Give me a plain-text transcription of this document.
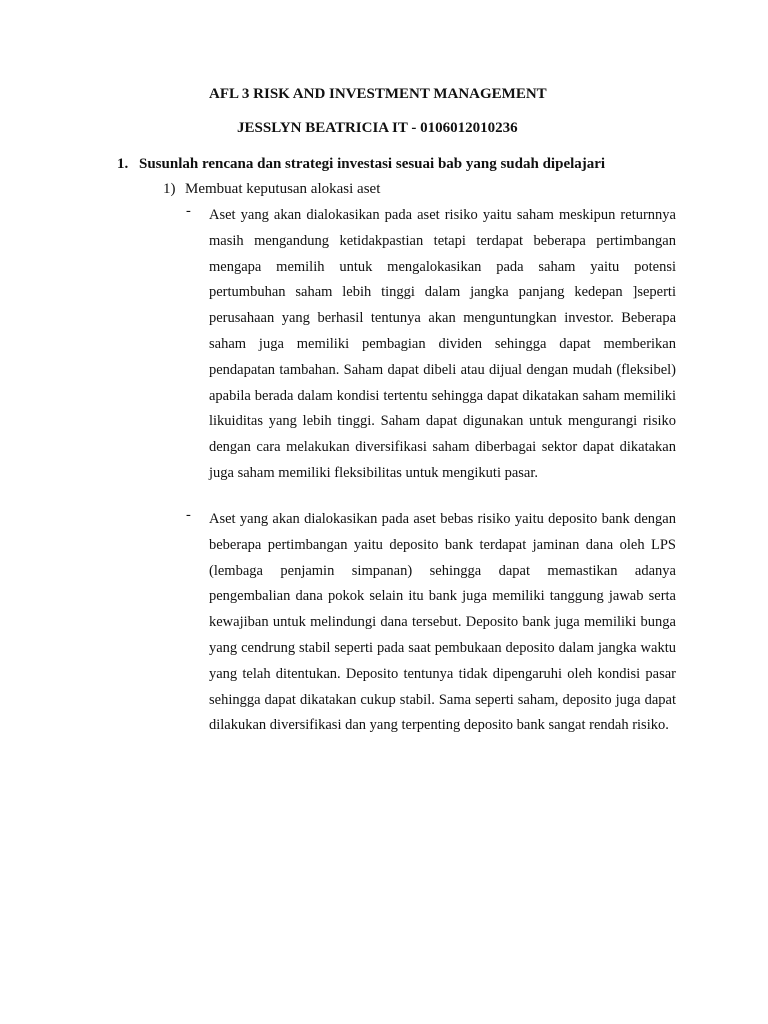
AFL 3 RISK AND INVESTMENT MANAGEMENT
JESSLYN BEATRICIA IT - 0106012010236
1. Susunlah rencana dan strategi investasi sesuai bab yang sudah dipelajari
1) Membuat keputusan alokasi aset
-	Aset yang akan dialokasikan pada aset risiko yaitu saham meskipun returnnya masih mengandung ketidakpastian tetapi terdapat beberapa pertimbangan mengapa memilih untuk mengalokasikan pada saham yaitu potensi pertumbuhan saham lebih tinggi dalam jangka panjang kedepan ]seperti perusahaan yang berhasil tentunya akan menguntungkan investor. Beberapa saham juga memiliki pembagian dividen sehingga dapat memberikan pendapatan tambahan. Saham dapat dibeli atau dijual dengan mudah (fleksibel) apabila berada dalam kondisi tertentu sehingga dapat dikatakan saham memiliki likuiditas yang lebih tinggi. Saham dapat digunakan untuk mengurangi risiko dengan cara melakukan diversifikasi saham diberbagai sektor dapat dikatakan juga saham memiliki fleksibilitas untuk mengikuti pasar.
-	Aset yang akan dialokasikan pada aset bebas risiko yaitu deposito bank dengan beberapa pertimbangan yaitu deposito bank terdapat jaminan dana oleh LPS (lembaga penjamin simpanan) sehingga dapat memastikan adanya pengembalian dana pokok selain itu bank juga memiliki tanggung jawab serta kewajiban untuk melindungi dana tersebut. Deposito bank juga memiliki bunga yang cendrung stabil seperti pada saat pembukaan deposito dalam jangka waktu yang telah ditentukan. Deposito tentunya tidak dipengaruhi oleh kondisi pasar sehingga dapat dikatakan cukup stabil. Sama seperti saham, deposito juga dapat dilakukan diversifikasi dan yang terpenting deposito bank sangat rendah risiko.
